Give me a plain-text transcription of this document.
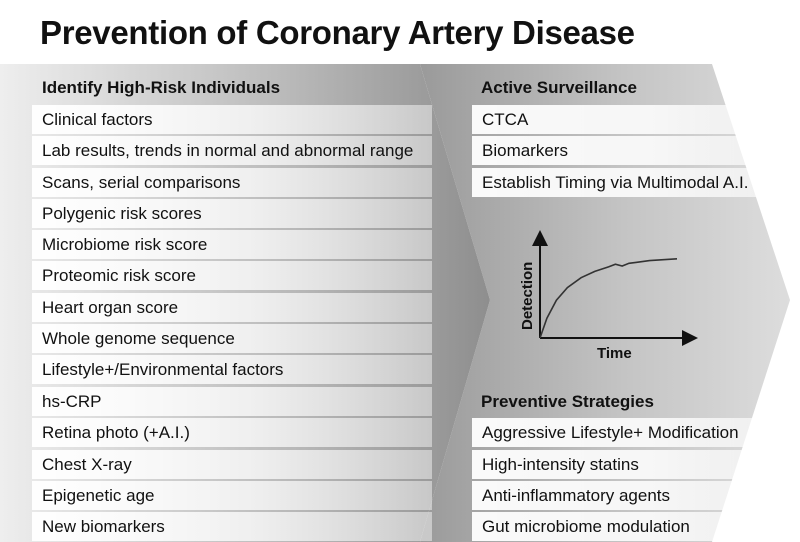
Prevention of Coronary Artery Disease
Identify High-Risk Individuals
Clinical factors
Lab results, trends in normal and abnormal range
Scans, serial comparisons
Polygenic risk scores
Microbiome risk score
Proteomic risk score
Heart organ score
Whole genome sequence
Lifestyle+/Environmental factors
hs-CRP
Retina photo (+A.I.)
Chest X-ray
Epigenetic age
New biomarkers
Active Surveillance
CTCA
Biomarkers
Establish Timing via Multimodal A.I.
Detection
Time
Preventive Strategies
Aggressive Lifestyle+ Modification
High-intensity statins
Anti-inflammatory agents
Gut microbiome modulation
